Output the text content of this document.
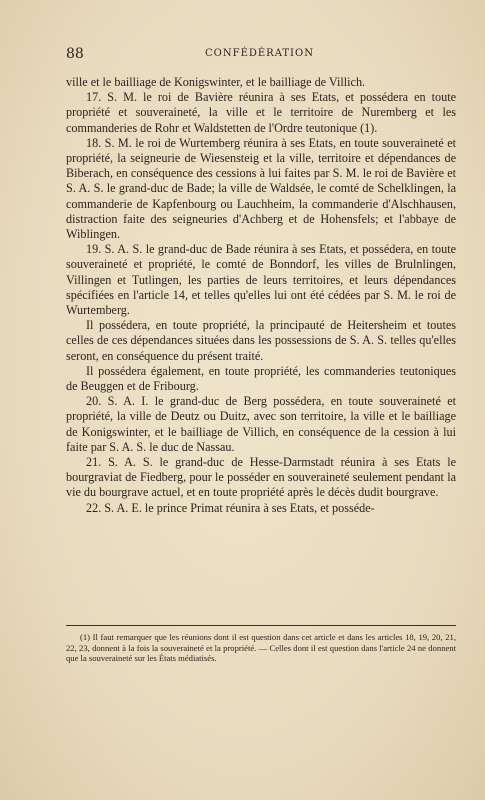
88	CONFÉDÉRATION

ville et le bailliage de Konigswinter, et le bailliage de Villich.

17. S. M. le roi de Bavière réunira à ses Etats, et possédera en toute propriété et souveraineté, la ville et le territoire de Nuremberg et les commanderies de Rohr et Waldstetten de l'Ordre teutonique (1).

18. S. M. le roi de Wurtemberg réunira à ses Etats, en toute souveraineté et propriété, la seigneurie de Wiesensteig et la ville, territoire et dépendances de Biberach, en conséquence des cessions à lui faites par S. M. le roi de Bavière et S. A. S. le grand-duc de Bade; la ville de Waldsée, le comté de Schelklingen, la commanderie de Kapfenbourg ou Lauchheim, la commanderie d'Alschhausen, distraction faite des seigneuries d'Achberg et de Hohensfels; et l'abbaye de Wiblingen.

19. S. A. S. le grand-duc de Bade réunira à ses Etats, et possédera, en toute souveraineté et propriété, le comté de Bonndorf, les villes de Brulnlingen, Villingen et Tutlingen, les parties de leurs territoires, et leurs dépendances spécifiées en l'article 14, et telles qu'elles lui ont été cédées par S. M. le roi de Wurtemberg.

Il possédera, en toute propriété, la principauté de Heitersheim et toutes celles de ces dépendances situées dans les possessions de S. A. S. telles qu'elles seront, en conséquence du présent traité.

Il possédera également, en toute propriété, les commanderies teutoniques de Beuggen et de Fribourg.

20. S. A. I. le grand-duc de Berg possédera, en toute souveraineté et propriété, la ville de Deutz ou Duitz, avec son territoire, la ville et le bailliage de Konigswinter, et le bailliage de Villich, en conséquence de la cession à lui faite par S. A. S. le duc de Nassau.

21. S. A. S. le grand-duc de Hesse-Darmstadt réunira à ses Etats le bourgraviat de Fiedberg, pour le posséder en souveraineté seulement pendant la vie du bourgrave actuel, et en toute propriété après le décès dudit bourgrave.

22. S. A. E. le prince Primat réunira à ses Etats, et posséde-

(1) Il faut remarquer que les réunions dont il est question dans cet article et dans les articles 18, 19, 20, 21, 22, 23, donnent à la fois la souveraineté et la propriété. — Celles dont il est question dans l'article 24 ne donnent que la souveraineté sur les États médiatisés.
